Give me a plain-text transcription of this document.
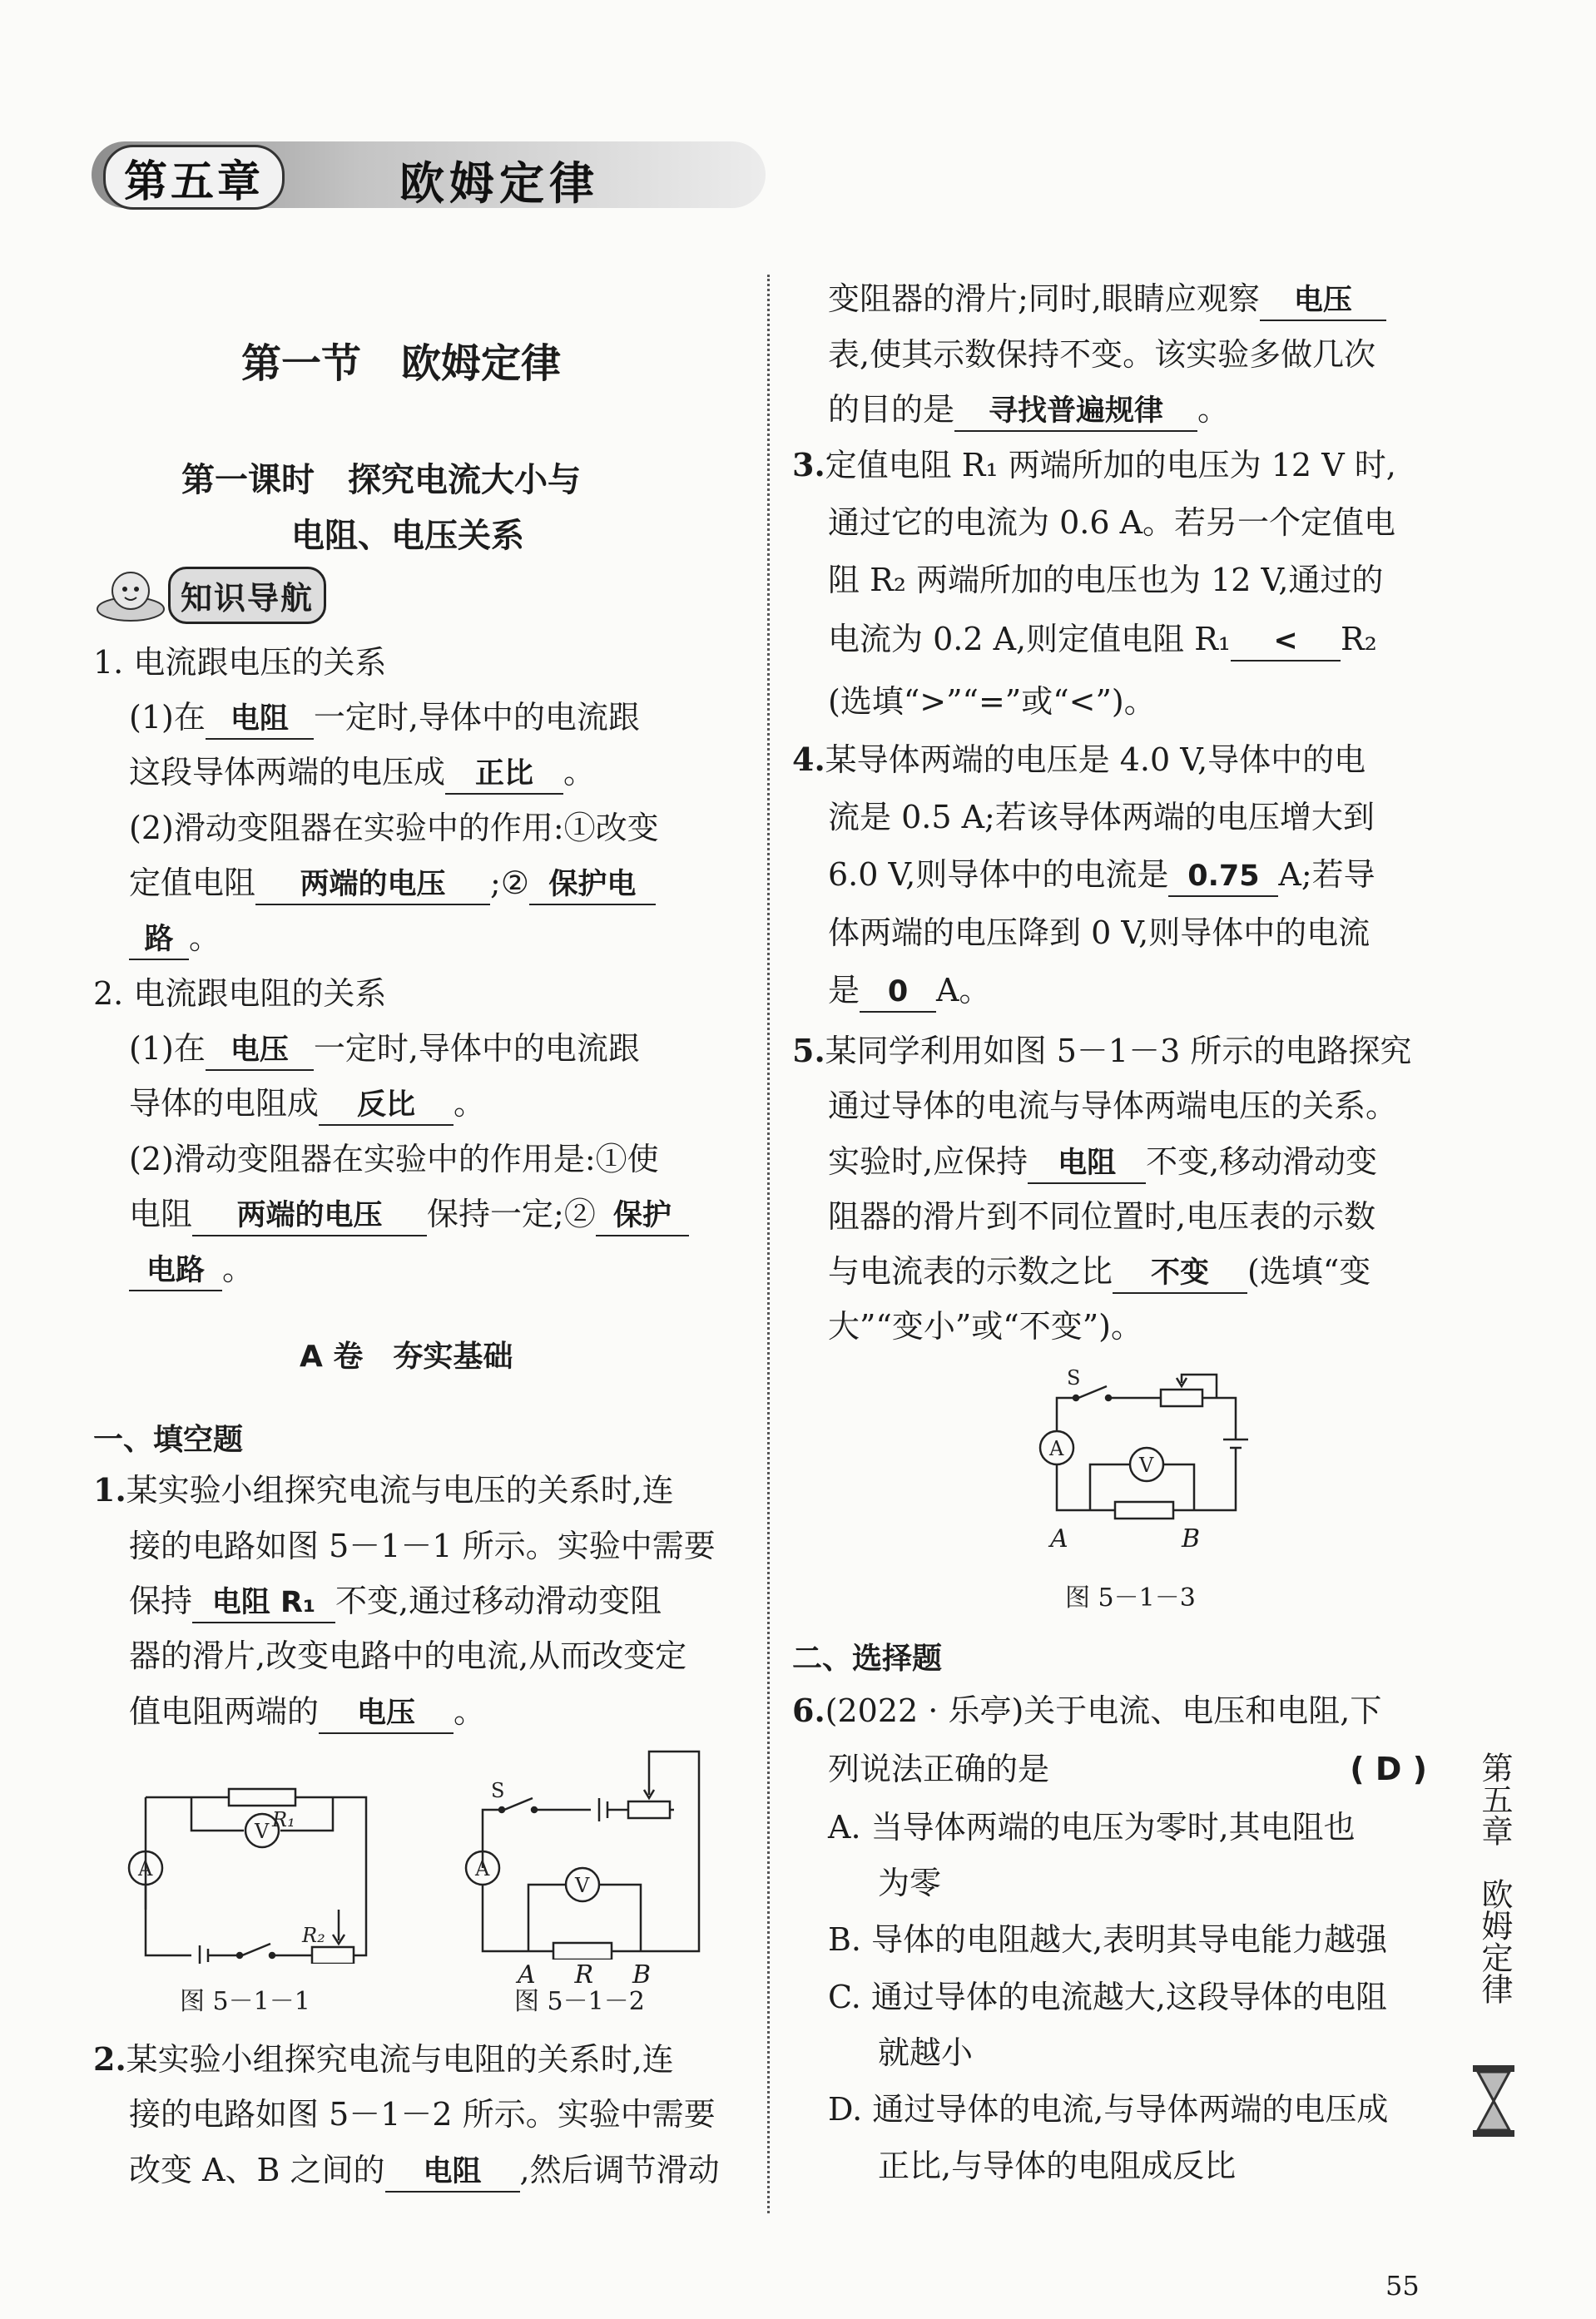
第五章	欧姆定律
第一节　欧姆定律
第一课时　探究电流大小与
电阻、电压关系
知识导航
1. 电流跟电压的关系
(1)在 电阻 一定时,导体中的电流跟
这段导体两端的电压成 正比 。
(2)滑动变阻器在实验中的作用:①改变
定值电阻 两端的电压 ;② 保护电
路 。
2. 电流跟电阻的关系
(1)在 电压 一定时,导体中的电流跟
导体的电阻成 反比 。
(2)滑动变阻器在实验中的作用是:①使
电阻 两端的电压 保持一定;② 保护
电路 。
A 卷　夯实基础
一、填空题
1.某实验小组探究电流与电压的关系时,连
接的电路如图 5－1－1 所示。实验中需要
保持 电阻 R₁ 不变,通过移动滑动变阻
器的滑片,改变电路中的电流,从而改变定
值电阻两端的 电压 。
R₁
V
A
R₂
图 5－1－1
S
A
V
A R B
图 5－1－2
2.某实验小组探究电流与电阻的关系时,连
接的电路如图 5－1－2 所示。实验中需要
改变 A、B 之间的 电阻 ,然后调节滑动
变阻器的滑片;同时,眼睛应观察 电压
表,使其示数保持不变。该实验多做几次
的目的是 寻找普遍规律 。
3.定值电阻 R₁ 两端所加的电压为 12 V 时,
通过它的电流为 0.6 A。若另一个定值电
阻 R₂ 两端所加的电压也为 12 V,通过的
电流为 0.2 A,则定值电阻 R₁ < R₂
(选填“>”“=”或“<”)。
4.某导体两端的电压是 4.0 V,导体中的电
流是 0.5 A;若该导体两端的电压增大到
6.0 V,则导体中的电流是 0.75 A;若导
体两端的电压降到 0 V,则导体中的电流
是 0 A。
5.某同学利用如图 5－1－3 所示的电路探究
通过导体的电流与导体两端电压的关系。
实验时,应保持 电阻 不变,移动滑动变
阻器的滑片到不同位置时,电压表的示数
与电流表的示数之比 不变 (选填“变
大”“变小”或“不变”)。
S
A
V
A	B
图 5－1－3
二、选择题
6.(2022 · 乐亭)关于电流、电压和电阻,下
列说法正确的是	( D )
A. 当导体两端的电压为零时,其电阻也
为零
B. 导体的电阻越大,表明其导电能力越强
C. 通过导体的电流越大,这段导体的电阻
就越小
D. 通过导体的电流,与导体两端的电压成
正比,与导体的电阻成反比
第五章　欧姆定律
55
